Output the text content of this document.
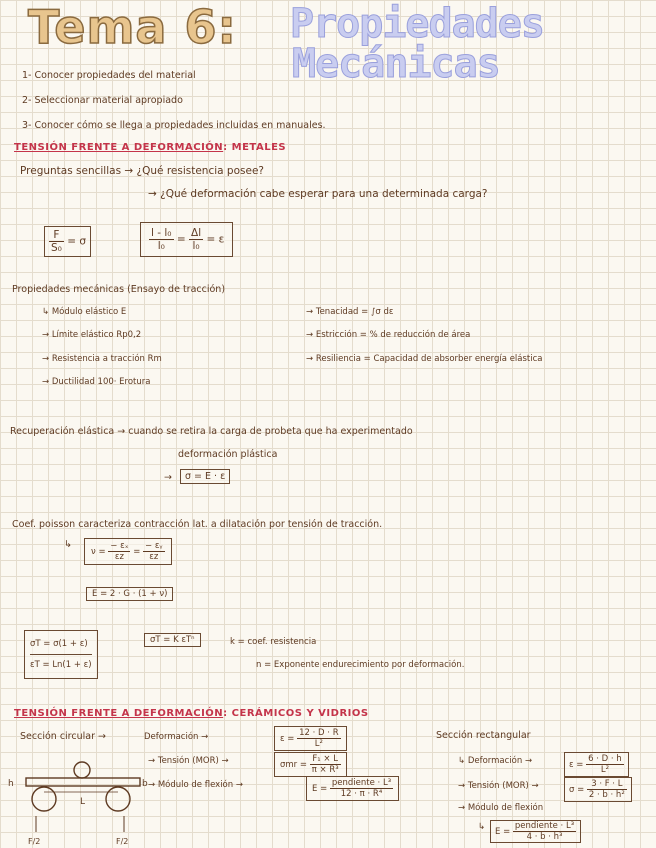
Tema 6: Propiedades
Mecánicas
1- Conocer propiedades del material
2- Seleccionar material apropiado
3- Conocer cómo se llega a propiedades incluidas en manuales.
TENSIÓN FRENTE A DEFORMACIÓN: METALES
Preguntas sencillas → ¿Qué resistencia posee?
→ ¿Qué deformación cabe esperar para una determinada carga?
$\frac{F}{\text{S₀}} = \sigma$	$\frac{\text{l - l₀}}{\text{l₀}} = \frac{\Delta l}{\text{l₀}} = \varepsilon$
Propiedades mecánicas (Ensayo de tracción)
↳ Módulo elástico E
→ Límite elástico Rp0,2
→ Resistencia a tracción Rm
→ Ductilidad 100· Erotura
→ Tenacidad = ∫σ dε
→ Estricción = % de reducción de área
→ Resiliencia = Capacidad de absorber energía elástica
Recuperación elástica → cuando se retira la carga de probeta que ha experimentado
deformación plástica
→	σ = E · ε
Coef. poisson caracteriza contracción lat. a dilatación por tensión de tracción.
↳
$\nu = \frac{\text{− εₓ}}{\varepsilon z} = \frac{\text{− εᵧ}}{\varepsilon z}$
E = 2 · G · (1 + ν)
σT = σ(1 + ε)
εT = Ln(1 + ε)
σT = K εTⁿ	k = coef. resistencia
n = Exponente endurecimiento por deformación.
TENSIÓN FRENTE A DEFORMACIÓN: CERÁMICOS Y VIDRIOS
Sección circular →	Deformación →	$\varepsilon = \frac{12 \cdot D \cdot R}{\text{L²}}$
→ Tensión (MOR) →	$\sigma mr = \frac{\text{F₁ × L}}{\text{π × R³}}$
→ Módulo de flexión →	$E = \frac{\text{pendiente · L³}}{\text{12 · π · R⁴}}$
Sección rectangular
↳ Deformación →	$\varepsilon = \frac{6 \cdot D \cdot h}{\text{L²}}$
→ Tensión (MOR) →	$\sigma = \frac{3 \cdot F \cdot L}{\text{2 · b · h²}}$
→ Módulo de flexión
↳	$E = \frac{\text{pendiente · L³}}{\text{4 · b · h³}}$
h	b
L
F/2	F/2
